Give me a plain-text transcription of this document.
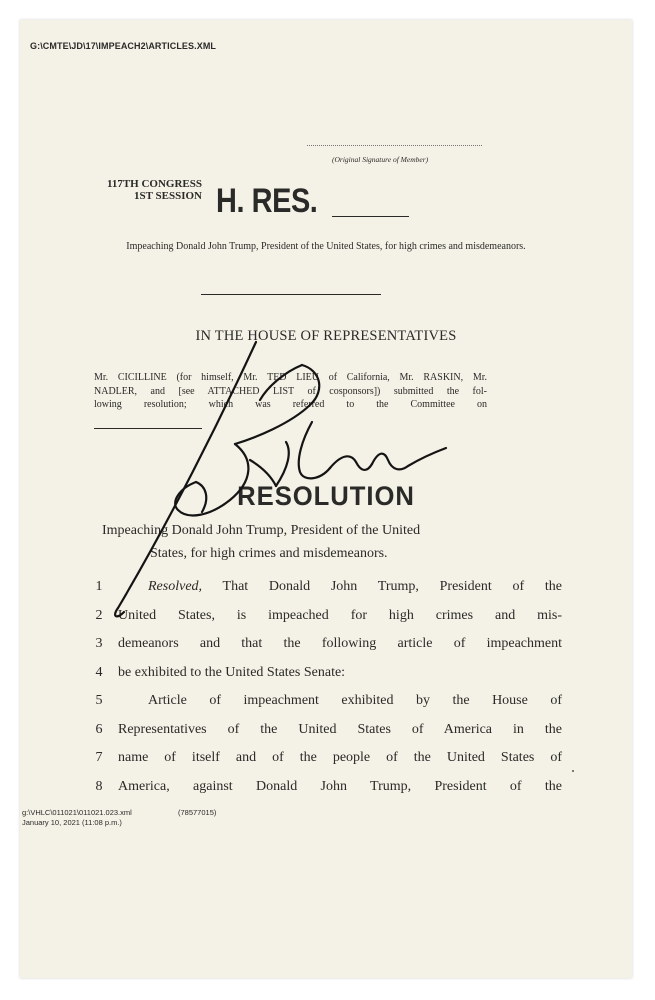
G:\CMTE\JD\17\IMPEACH2\ARTICLES.XML
(Original Signature of Member)
117TH CONGRESS
1ST SESSION H. RES.
Impeaching Donald John Trump, President of the United States, for high crimes and misdemeanors.
IN THE HOUSE OF REPRESENTATIVES
Mr. CICILLINE (for himself, Mr. TED LIEU of California, Mr. RASKIN, Mr.
NADLER, and [see ATTACHED LIST of cosponsors]) submitted the fol-
lowing resolution; which was referred to the Committee on
RESOLUTION
Impeaching Donald John Trump, President of the United
States, for high crimes and misdemeanors.
1	Resolved, That Donald John Trump, President of the
2 United States, is impeached for high crimes and mis-
3 demeanors and that the following article of impeachment
4 be exhibited to the United States Senate:
5	Article of impeachment exhibited by the House of
6 Representatives of the United States of America in the
7 name of itself and of the people of the United States of
8 America, against Donald John Trump, President of the
g:\VHLC\011021\011021.023.xml	(78577015)
January 10, 2021 (11:08 p.m.)
